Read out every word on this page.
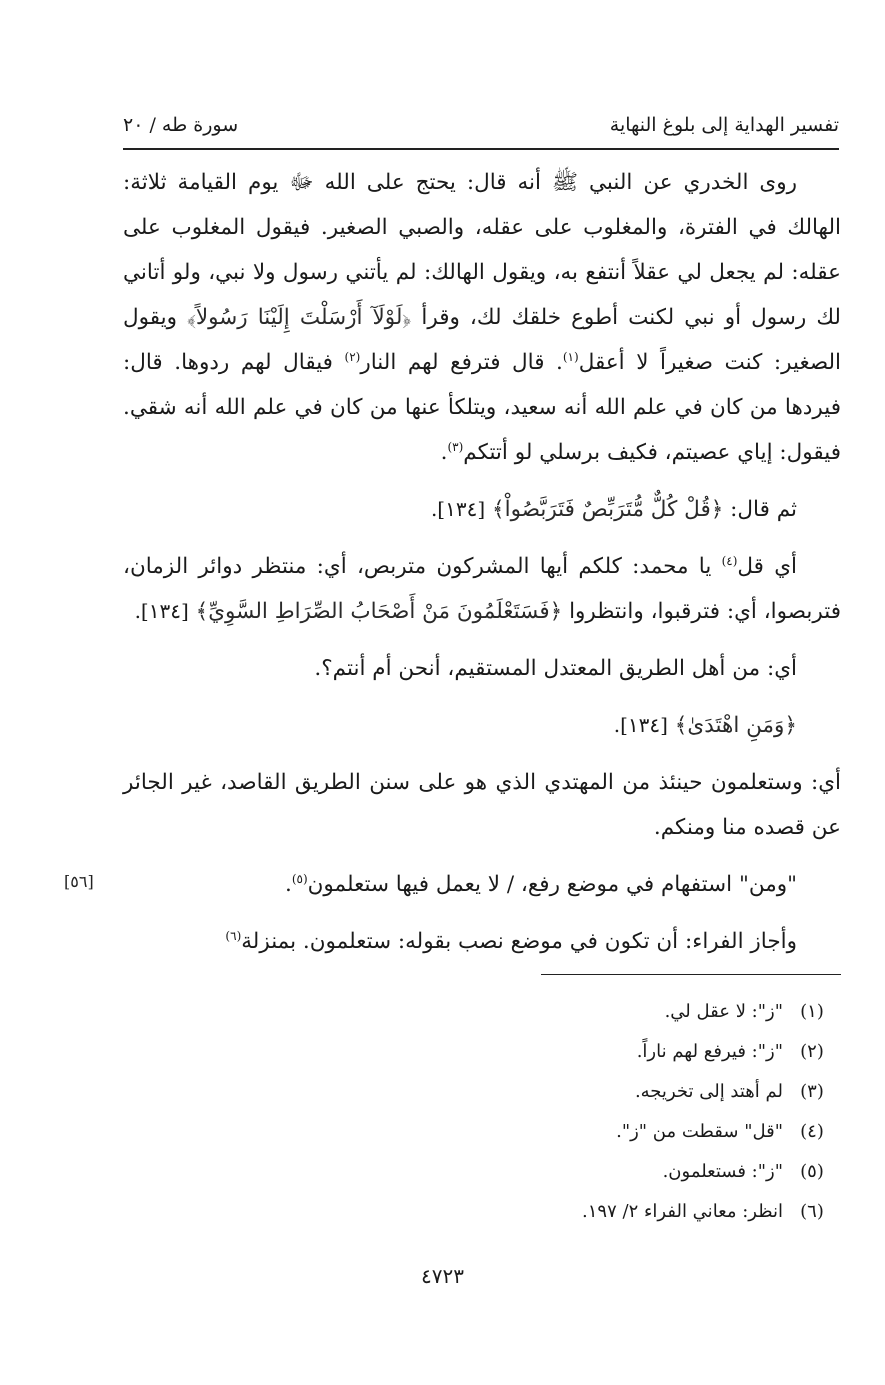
تفسير الهداية إلى بلوغ النهاية
سورة طه / ٢٠

روى الخدري عن النبي ﷺ أنه قال: يحتج على الله ﷻ يوم القيامة ثلاثة: الهالك في الفترة، والمغلوب على عقله، والصبي الصغير. فيقول المغلوب على عقله: لم يجعل لي عقلاً أنتفع به، ويقول الهالك: لم يأتني رسول ولا نبي، ولو أتاني لك رسول أو نبي لكنت أطوع خلقك لك، وقرأ ﴿لَوْلَآ أَرْسَلْتَ إِلَيْنَا رَسُولاً﴾ ويقول الصغير: كنت صغيراً لا أعقل$^{(١)}$. قال فترفع لهم النار$^{(٢)}$ فيقال لهم ردوها. قال: فيردها من كان في علم الله أنه سعيد، ويتلكأ عنها من كان في علم الله أنه شقي. فيقول: إياي عصيتم، فكيف برسلي لو أتتكم$^{(٣)}$.

ثم قال: ﴿قُلْ كُلٌّ مُّتَرَبِّصٌ فَتَرَبَّصُواْ﴾ [١٣٤].

أي قل$^{(٤)}$ يا محمد: كلكم أيها المشركون متربص، أي: منتظر دوائر الزمان، فتربصوا، أي: فترقبوا، وانتظروا ﴿فَسَتَعْلَمُونَ مَنْ أَصْحَابُ الصِّرَاطِ السَّوِيِّ﴾ [١٣٤].

أي: من أهل الطريق المعتدل المستقيم، أنحن أم أنتم؟.

﴿وَمَنِ اهْتَدَىٰ﴾ [١٣٤].

أي: وستعلمون حينئذ من المهتدي الذي هو على سنن الطريق القاصد، غير الجائر عن قصده منا ومنكم.

"ومن" استفهام في موضع رفع، / لا يعمل فيها ستعلمون$^{(٥)}$.

وأجاز الفراء: أن تكون في موضع نصب بقوله: ستعلمون. بمنزلة$^{(٦)}$

[٥٦]
(١)
"ز": لا عقل لي.
(٢)
"ز": فيرفع لهم ناراً.
(٣)
لم أهتد إلى تخريجه.
(٤)
"قل" سقطت من "ز".
(٥)
"ز": فستعلمون.
(٦)
انظر: معاني الفراء ٢/ ١٩٧.
٤٧٢٣
